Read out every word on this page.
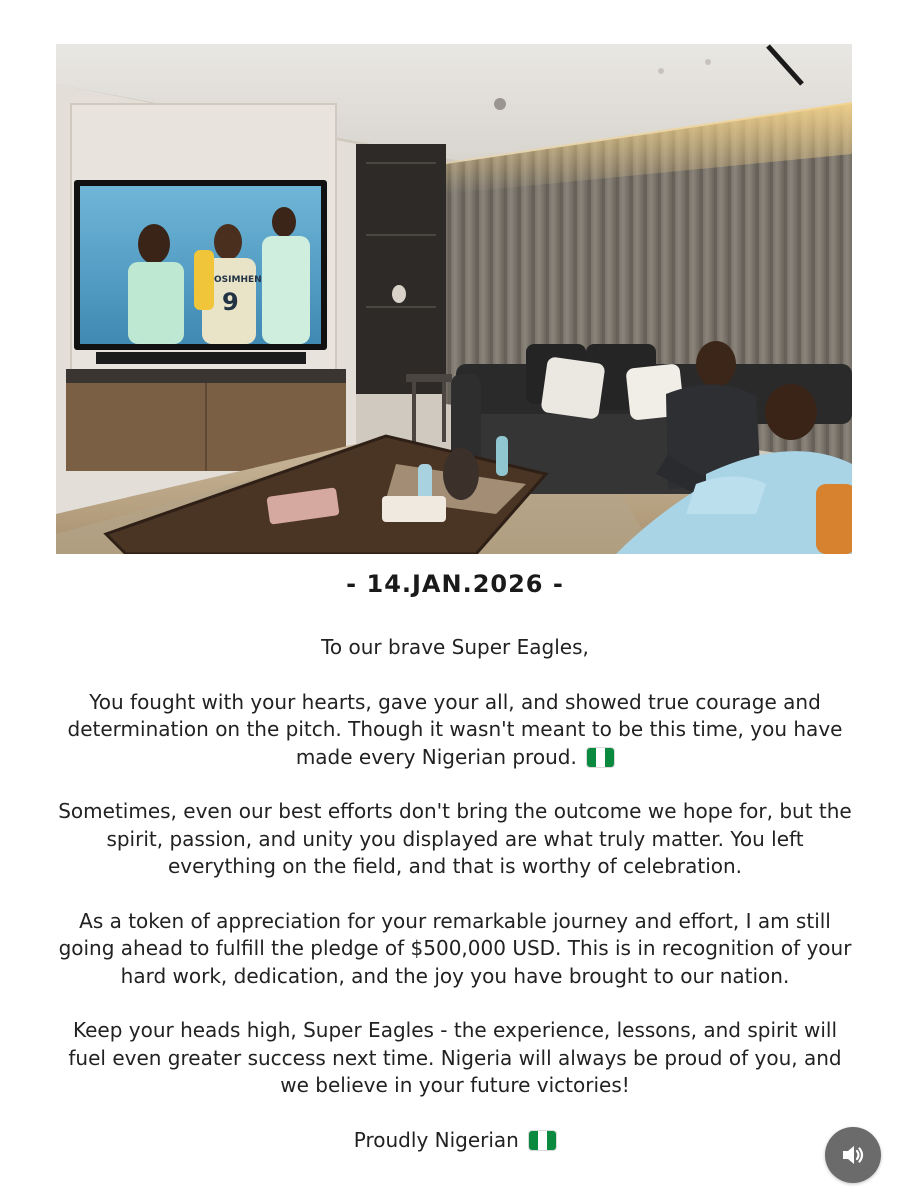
OSIMHEN
9
- 14.JAN.2026 -

To our brave Super Eagles,

You fought with your hearts, gave your all, and showed true courage and determination on the pitch. Though it wasn't meant to be this time, you have made every Nigerian proud.

Sometimes, even our best efforts don't bring the outcome we hope for, but the spirit, passion, and unity you displayed are what truly matter. You left everything on the field, and that is worthy of celebration.

As a token of appreciation for your remarkable journey and effort, I am still going ahead to fulfill the pledge of $500,000 USD. This is in recognition of your hard work, dedication, and the joy you have brought to our nation.

Keep your heads high, Super Eagles - the experience, lessons, and spirit will fuel even greater success next time. Nigeria will always be proud of you, and we believe in your future victories!

Proudly Nigerian
